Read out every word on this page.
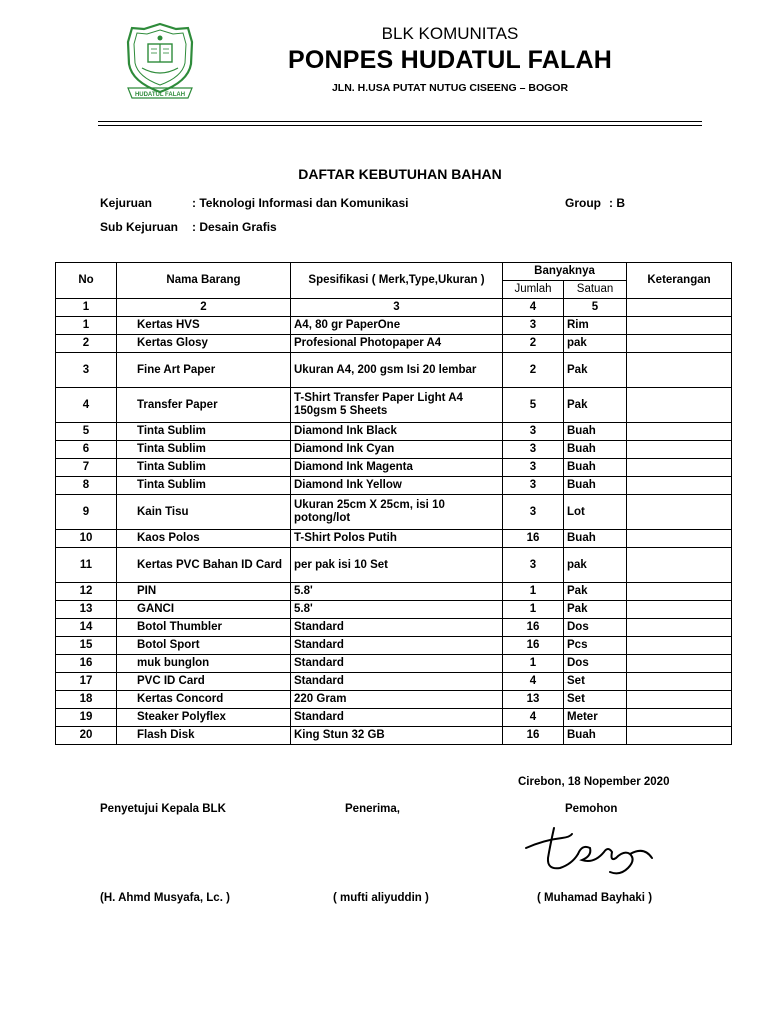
HUDATUL FALAH
BLK KOMUNITAS
PONPES HUDATUL FALAH
JLN. H.USA PUTAT NUTUG CISEENG – BOGOR
DAFTAR KEBUTUHAN BAHAN
Kejuruan	: Teknologi Informasi dan Komunikasi	Group : B
Sub Kejuruan : Desain Grafis
No	Nama Barang	Spesifikasi ( Merk,Type,Ukuran )	Banyaknya		Keterangan
			Jumlah	Satuan	
1	2	3	4	5	
1	Kertas HVS	A4, 80 gr PaperOne	3	Rim	
2	Kertas Glosy	Profesional Photopaper A4	2	pak	
3	Fine Art Paper	Ukuran A4, 200 gsm Isi 20 lembar	2	Pak	
4	Transfer Paper	T-Shirt Transfer Paper Light A4 150gsm 5 Sheets	5	Pak	
5	Tinta Sublim	Diamond Ink Black	3	Buah	
6	Tinta Sublim	Diamond Ink Cyan	3	Buah	
7	Tinta Sublim	Diamond Ink Magenta	3	Buah	
8	Tinta Sublim	Diamond Ink Yellow	3	Buah	
9	Kain Tisu	Ukuran 25cm X 25cm, isi 10 potong/lot	3	Lot	
10	Kaos Polos	T-Shirt Polos Putih	16	Buah	
11	Kertas PVC Bahan ID Card	per pak isi 10 Set	3	pak	
12	PIN	5.8'	1	Pak	
13	GANCI	5.8'	1	Pak	
14	Botol Thumbler	Standard	16	Dos	
15	Botol Sport	Standard	16	Pcs	
16	muk bunglon	Standard	1	Dos	
17	PVC ID Card	Standard	4	Set	
18	Kertas Concord	220 Gram	13	Set	
19	Steaker Polyflex	Standard	4	Meter	
20	Flash Disk	King Stun 32 GB	16	Buah	
Cirebon, 18 Nopember 2020
Penyetujui Kepala BLK	Penerima,	Pemohon
(H. Ahmd Musyafa, Lc. )	( mufti aliyuddin )	( Muhamad Bayhaki )
